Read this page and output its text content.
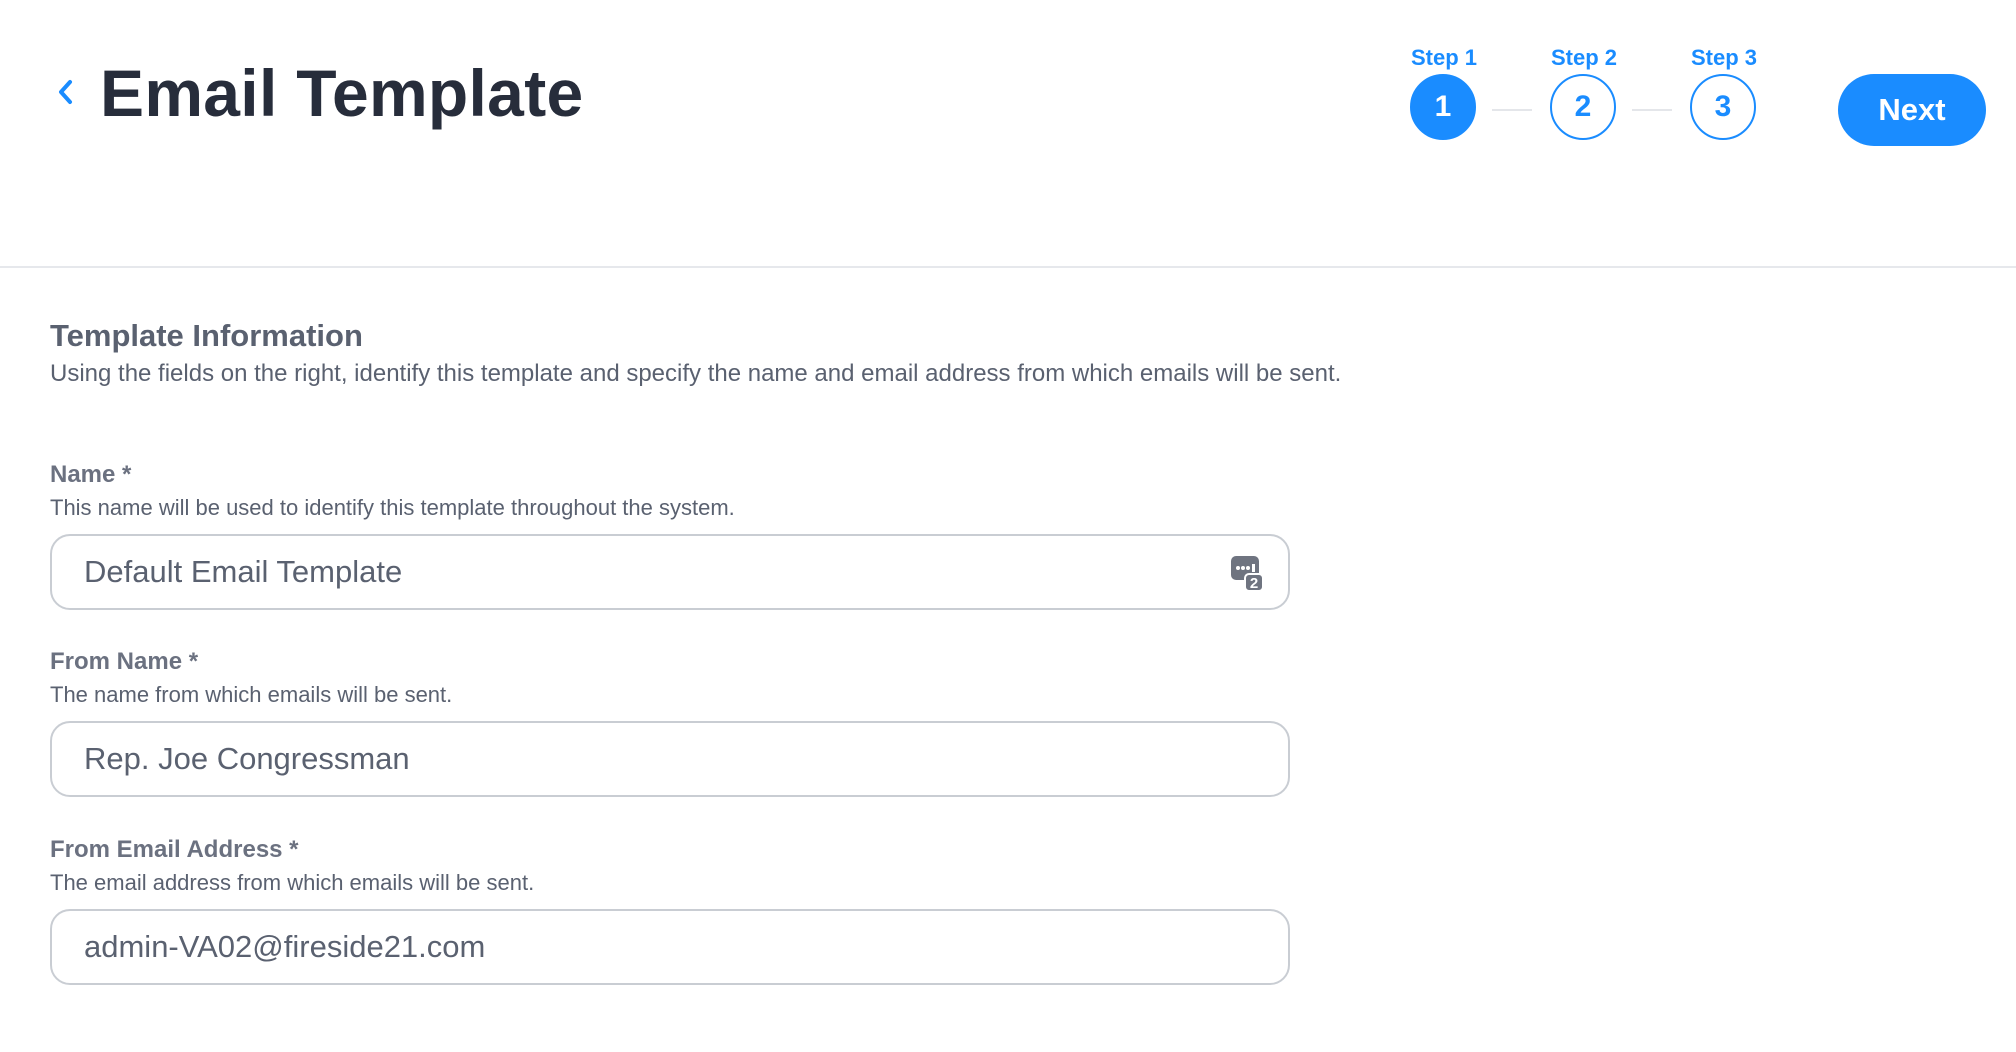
Email Template	Step 1
1
Step 2
2
Step 3
3	Next
Template Information

Using the fields on the right, identify this template and specify the name and email address from which emails will be sent.

Name *
This name will be used to identify this template throughout the system.
Default Email Template
2
From Name *
The name from which emails will be sent.
Rep. Joe Congressman
From Email Address *
The email address from which emails will be sent.
admin-VA02@fireside21.com
